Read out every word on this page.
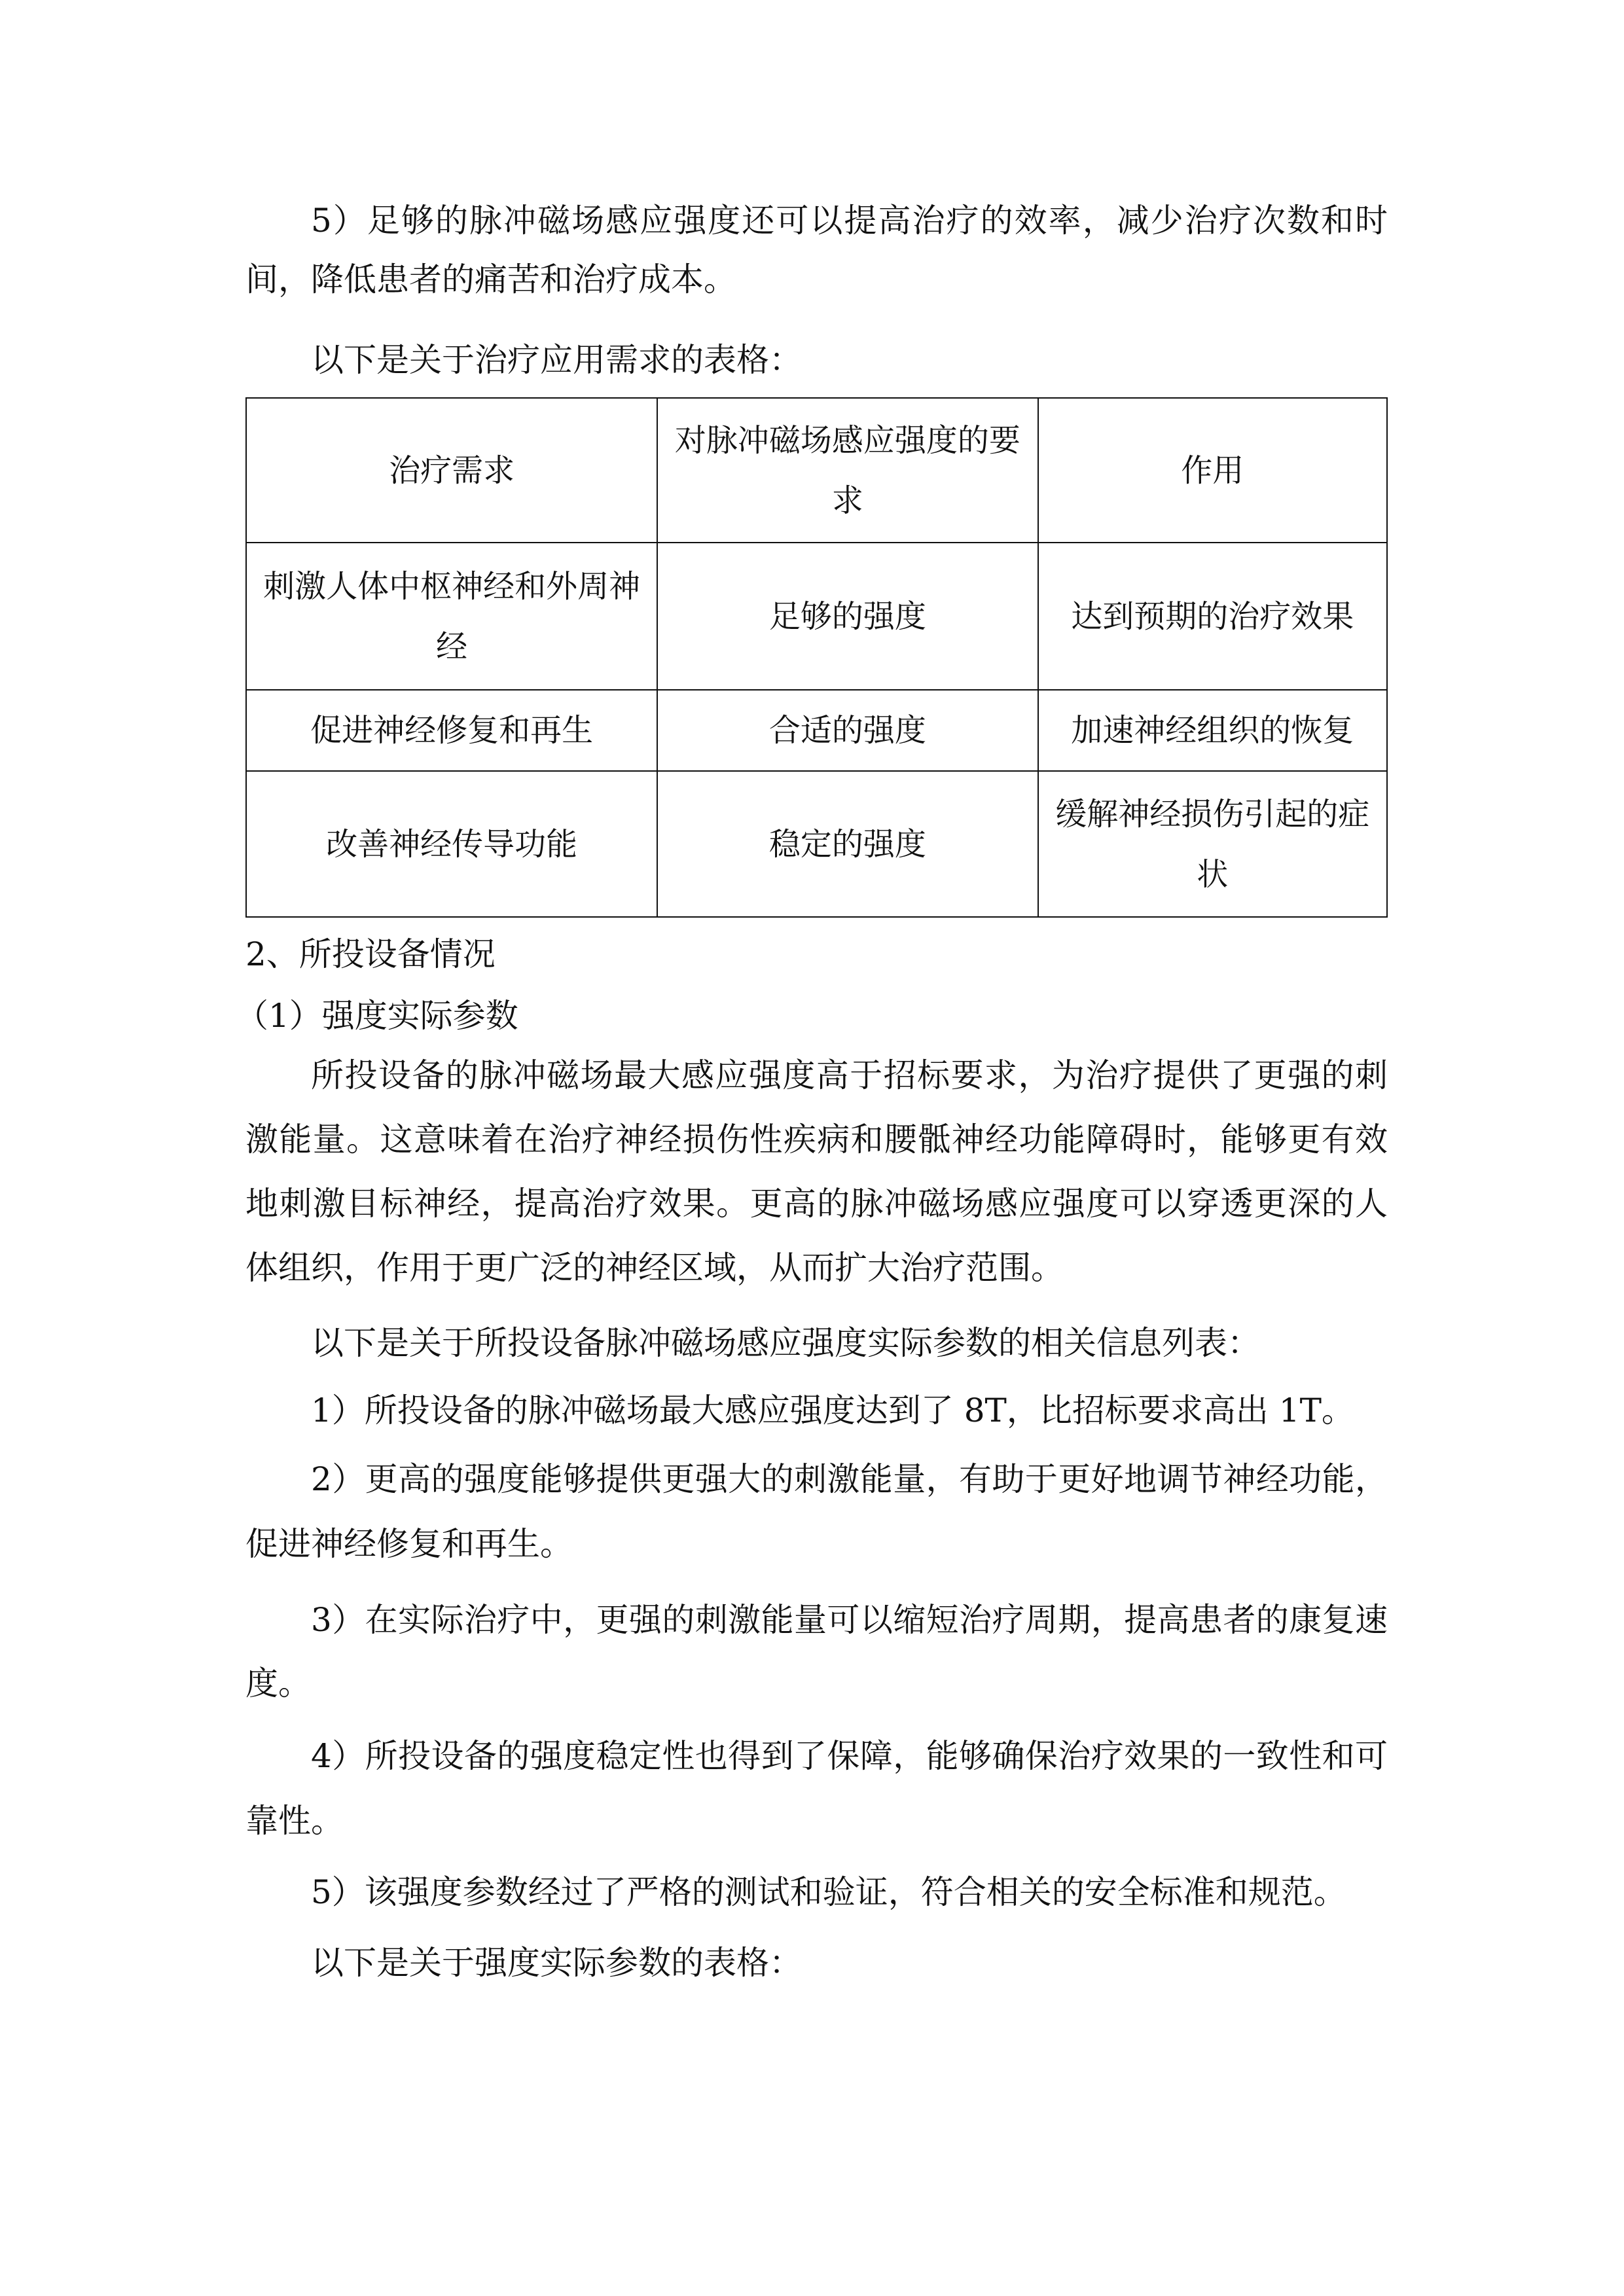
5）足够的脉冲磁场感应强度还可以提高治疗的效率，减少治疗次数和时间，降低患者的痛苦和治疗成本。
以下是关于治疗应用需求的表格：
治疗需求	对脉冲磁场感应强度的要求	作用
刺激人体中枢神经和外周神经	足够的强度	达到预期的治疗效果
促进神经修复和再生	合适的强度	加速神经组织的恢复
改善神经传导功能	稳定的强度	缓解神经损伤引起的症状
2、所投设备情况
（1）强度实际参数
所投设备的脉冲磁场最大感应强度高于招标要求，为治疗提供了更强的刺激能量。这意味着在治疗神经损伤性疾病和腰骶神经功能障碍时，能够更有效地刺激目标神经，提高治疗效果。更高的脉冲磁场感应强度可以穿透更深的人体组织，作用于更广泛的神经区域，从而扩大治疗范围。
以下是关于所投设备脉冲磁场感应强度实际参数的相关信息列表：
1）所投设备的脉冲磁场最大感应强度达到了 8T，比招标要求高出 1T。
2）更高的强度能够提供更强大的刺激能量，有助于更好地调节神经功能，促进神经修复和再生。
3）在实际治疗中，更强的刺激能量可以缩短治疗周期，提高患者的康复速度。
4）所投设备的强度稳定性也得到了保障，能够确保治疗效果的一致性和可靠性。
5）该强度参数经过了严格的测试和验证，符合相关的安全标准和规范。
以下是关于强度实际参数的表格：
